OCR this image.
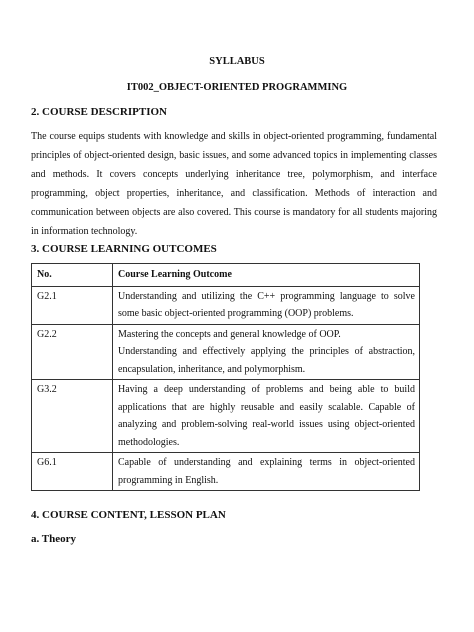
SYLLABUS
IT002_OBJECT-ORIENTED PROGRAMMING
2. COURSE DESCRIPTION

The course equips students with knowledge and skills in object-oriented programming, fundamental principles of object-oriented design, basic issues, and some advanced topics in implementing classes and methods. It covers concepts underlying inheritance tree, polymorphism, and interface programming, object properties, inheritance, and classification. Methods of interaction and communication between objects are also covered. This course is mandatory for all students majoring in information technology.

3. COURSE LEARNING OUTCOMES
No.	Course Learning Outcome
G2.1	Understanding and utilizing the C++ programming language to solve some basic object-oriented programming (OOP) problems.

G2.2	Mastering the concepts and general knowledge of OOP.
Understanding and effectively applying the principles of abstraction, encapsulation, inheritance, and polymorphism.

G3.2	Having a deep understanding of problems and being able to build applications that are highly reusable and easily scalable. Capable of analyzing and problem-solving real-world issues using object-oriented methodologies.

G6.1	Capable of understanding and explaining terms in object-oriented programming in English.
4. COURSE CONTENT, LESSON PLAN
a. Theory
